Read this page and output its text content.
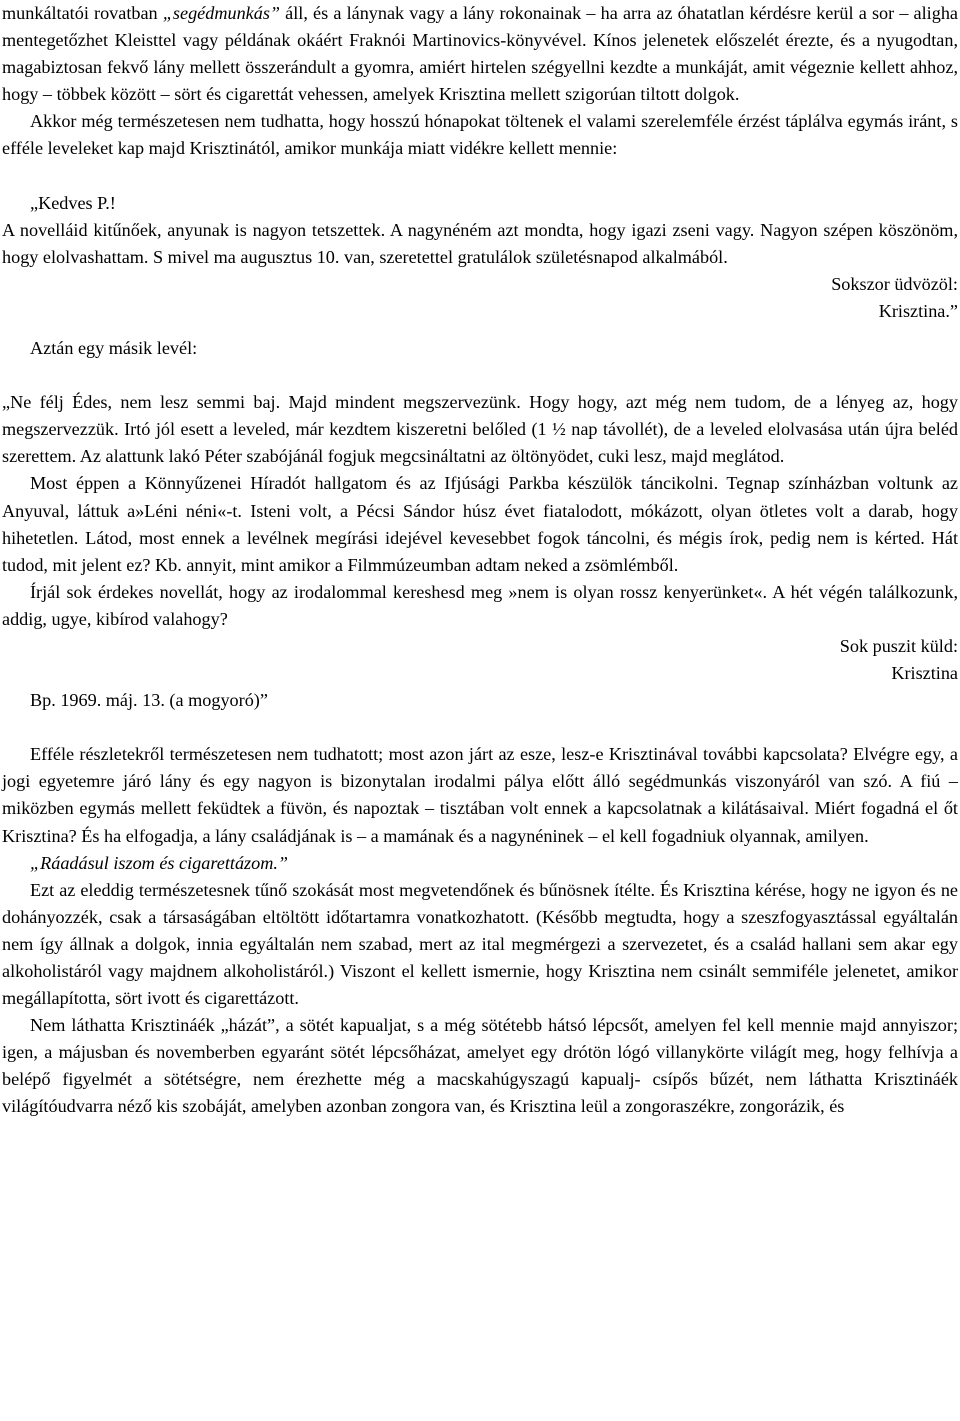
munkáltatói rovatban „segédmunkás” áll, és a lánynak vagy a lány rokonainak – ha arra az óhatatlan kérdésre kerül a sor – aligha mentegetőzhet Kleisttel vagy példának okáért Fraknói Martinovics-könyvével. Kínos jelenetek előszelét érezte, és a nyugodtan, magabiztosan fekvő lány mellett összerándult a gyomra, amiért hirtelen szégyellni kezdte a munkáját, amit végeznie kellett ahhoz, hogy – többek között – sört és cigarettát vehessen, amelyek Krisztina mellett szigorúan tiltott dolgok.

Akkor még természetesen nem tudhatta, hogy hosszú hónapokat töltenek el valami szerelemféle érzést táplálva egymás iránt, s efféle leveleket kap majd Krisztinától, amikor munkája miatt vidékre kellett mennie:

„Kedves P.!

A novelláid kitűnőek, anyunak is nagyon tetszettek. A nagynéném azt mondta, hogy igazi zseni vagy. Nagyon szépen köszönöm, hogy elolvashattam. S mivel ma augusztus 10. van, szeretettel gratulálok születésnapod alkalmából.

Sokszor üdvözöl:

Krisztina.”

Aztán egy másik levél:

„Ne félj Édes, nem lesz semmi baj. Majd mindent megszervezünk. Hogy hogy, azt még nem tudom, de a lényeg az, hogy megszervezzük. Irtó jól esett a leveled, már kezdtem kiszeretni belőled (1 ½ nap távollét), de a leveled elolvasása után újra beléd szerettem. Az alattunk lakó Péter szabójánál fogjuk megcsináltatni az öltönyödet, cuki lesz, majd meglátod.

Most éppen a Könnyűzenei Híradót hallgatom és az Ifjúsági Parkba készülök táncikolni. Tegnap színházban voltunk az Anyuval, láttuk a»Léni néni«-t. Isteni volt, a Pécsi Sándor húsz évet fiatalodott, mókázott, olyan ötletes volt a darab, hogy hihetetlen. Látod, most ennek a levélnek megírási idejével kevesebbet fogok táncolni, és mégis írok, pedig nem is kérted. Hát tudod, mit jelent ez? Kb. annyit, mint amikor a Filmmúzeumban adtam neked a zsömlémből.

Írjál sok érdekes novellát, hogy az irodalommal kereshesd meg »nem is olyan rossz kenyerünket«. A hét végén találkozunk, addig, ugye, kibírod valahogy?

Sok puszit küld:

Krisztina

Bp. 1969. máj. 13. (a mogyoró)”

Efféle részletekről természetesen nem tudhatott; most azon járt az esze, lesz-e Krisztinával további kapcsolata? Elvégre egy, a jogi egyetemre járó lány és egy nagyon is bizonytalan irodalmi pálya előtt álló segédmunkás viszonyáról van szó. A fiú – miközben egymás mellett feküdtek a füvön, és napoztak – tisztában volt ennek a kapcsolatnak a kilátásaival. Miért fogadná el őt Krisztina? És ha elfogadja, a lány családjának is – a mamának és a nagynéninek – el kell fogadniuk olyannak, amilyen.

„Ráadásul iszom és cigarettázom.”

Ezt az eleddig természetesnek tűnő szokását most megvetendőnek és bűnösnek ítélte. És Krisztina kérése, hogy ne igyon és ne dohányozzék, csak a társaságában eltöltött időtartamra vonatkozhatott. (Később megtudta, hogy a szeszfogyasztással egyáltalán nem így állnak a dolgok, innia egyáltalán nem szabad, mert az ital megmérgezi a szervezetet, és a család hallani sem akar egy alkoholistáról vagy majdnem alkoholistáról.) Viszont el kellett ismernie, hogy Krisztina nem csinált semmiféle jelenetet, amikor megállapította, sört ivott és cigarettázott.

Nem láthatta Krisztináék „házát”, a sötét kapualjat, s a még sötétebb hátsó lépcsőt, amelyen fel kell mennie majd annyiszor; igen, a májusban és novemberben egyaránt sötét lépcsőházat, amelyet egy drótön lógó villanykörte világít meg, hogy felhívja a belépő figyelmét a sötétségre, nem érezhette még a macskahúgyszagú kapualj- csípős bűzét, nem láthatta Krisztináék világítóudvarra néző kis szobáját, amelyben azonban zongora van, és Krisztina leül a zongoraszékre, zongorázik, és
